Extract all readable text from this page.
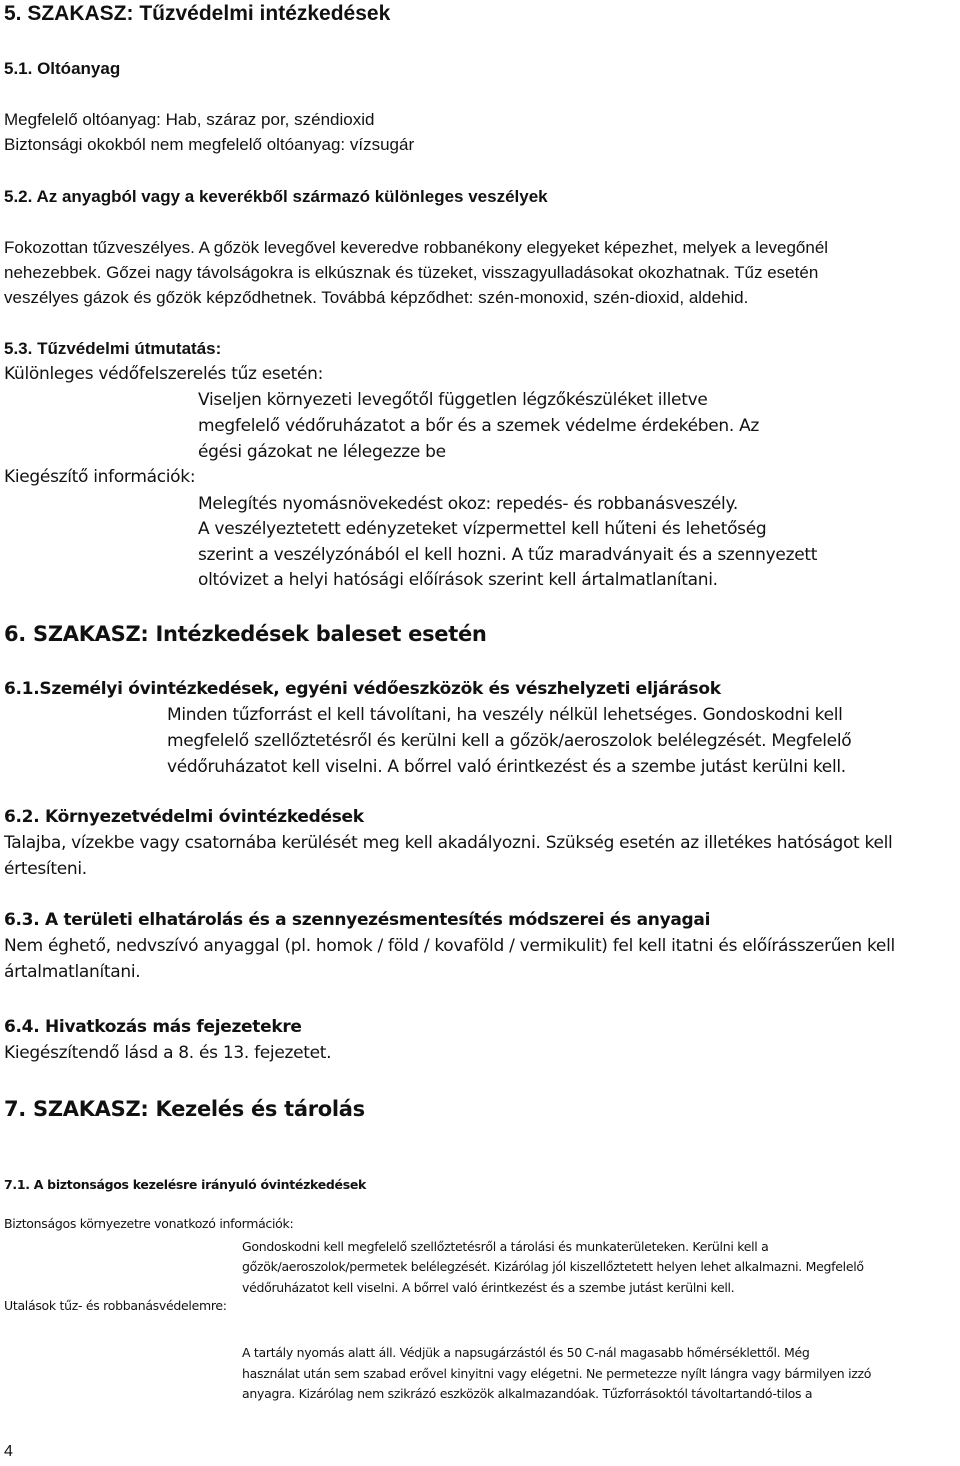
5. SZAKASZ: Tűzvédelmi intézkedések
5.1. Oltóanyag
Megfelelő oltóanyag: Hab, száraz por, széndioxid
Biztonsági okokból nem megfelelő oltóanyag: vízsugár
5.2. Az anyagból vagy a keverékből származó különleges veszélyek
Fokozottan tűzveszélyes. A gőzök levegővel keveredve robbanékony elegyeket képezhet, melyek a levegőnél
nehezebbek. Gőzei nagy távolságokra is elkúsznak és tüzeket, visszagyulladásokat okozhatnak. Tűz esetén
veszélyes gázok és gőzök képződhetnek. Továbbá képződhet: szén-monoxid, szén-dioxid, aldehid.
5.3. Tűzvédelmi útmutatás:
Különleges védőfelszerelés tűz esetén:
Viseljen környezeti levegőtől független légzőkészüléket illetve
megfelelő védőruházatot a bőr és a szemek védelme érdekében. Az
égési gázokat ne lélegezze be
Kiegészítő információk:
Melegítés nyomásnövekedést okoz: repedés- és robbanásveszély.
A veszélyeztetett edényzeteket vízpermettel kell hűteni és lehetőség
szerint a veszélyzónából el kell hozni. A tűz maradványait és a szennyezett
oltóvizet a helyi hatósági előírások szerint kell ártalmatlanítani.
6. SZAKASZ: Intézkedések baleset esetén
6.1.Személyi óvintézkedések, egyéni védőeszközök és vészhelyzeti eljárások
Minden tűzforrást el kell távolítani, ha veszély nélkül lehetséges. Gondoskodni kell
megfelelő szellőztetésről és kerülni kell a gőzök/aeroszolok belélegzését. Megfelelő
védőruházatot kell viselni. A bőrrel való érintkezést és a szembe jutást kerülni kell.
6.2. Környezetvédelmi óvintézkedések
Talajba, vízekbe vagy csatornába kerülését meg kell akadályozni. Szükség esetén az illetékes hatóságot kell
értesíteni.
6.3. A területi elhatárolás és a szennyezésmentesítés módszerei és anyagai
Nem éghető, nedvszívó anyaggal (pl. homok / föld / kovaföld / vermikulit) fel kell itatni és előírásszerűen kell
ártalmatlanítani.
6.4. Hivatkozás más fejezetekre
Kiegészítendő lásd a 8. és 13. fejezetet.
7. SZAKASZ: Kezelés és tárolás
7.1. A biztonságos kezelésre irányuló óvintézkedések
Biztonságos környezetre vonatkozó információk:
Gondoskodni kell megfelelő szellőztetésről a tárolási és munkaterületeken. Kerülni kell a
gőzök/aeroszolok/permetek belélegzését. Kizárólag jól kiszellőztetett helyen lehet alkalmazni. Megfelelő
védőruházatot kell viselni. A bőrrel való érintkezést és a szembe jutást kerülni kell.
Utalások tűz- és robbanásvédelemre:
A tartály nyomás alatt áll. Védjük a napsugárzástól és 50 C-nál magasabb hőmérséklettől. Még
használat után sem szabad erővel kinyitni vagy elégetni. Ne permetezze nyílt lángra vagy bármilyen izzó
anyagra. Kizárólag nem szikrázó eszközök alkalmazandóak. Tűzforrásoktól távoltartandó-tilos a
4
